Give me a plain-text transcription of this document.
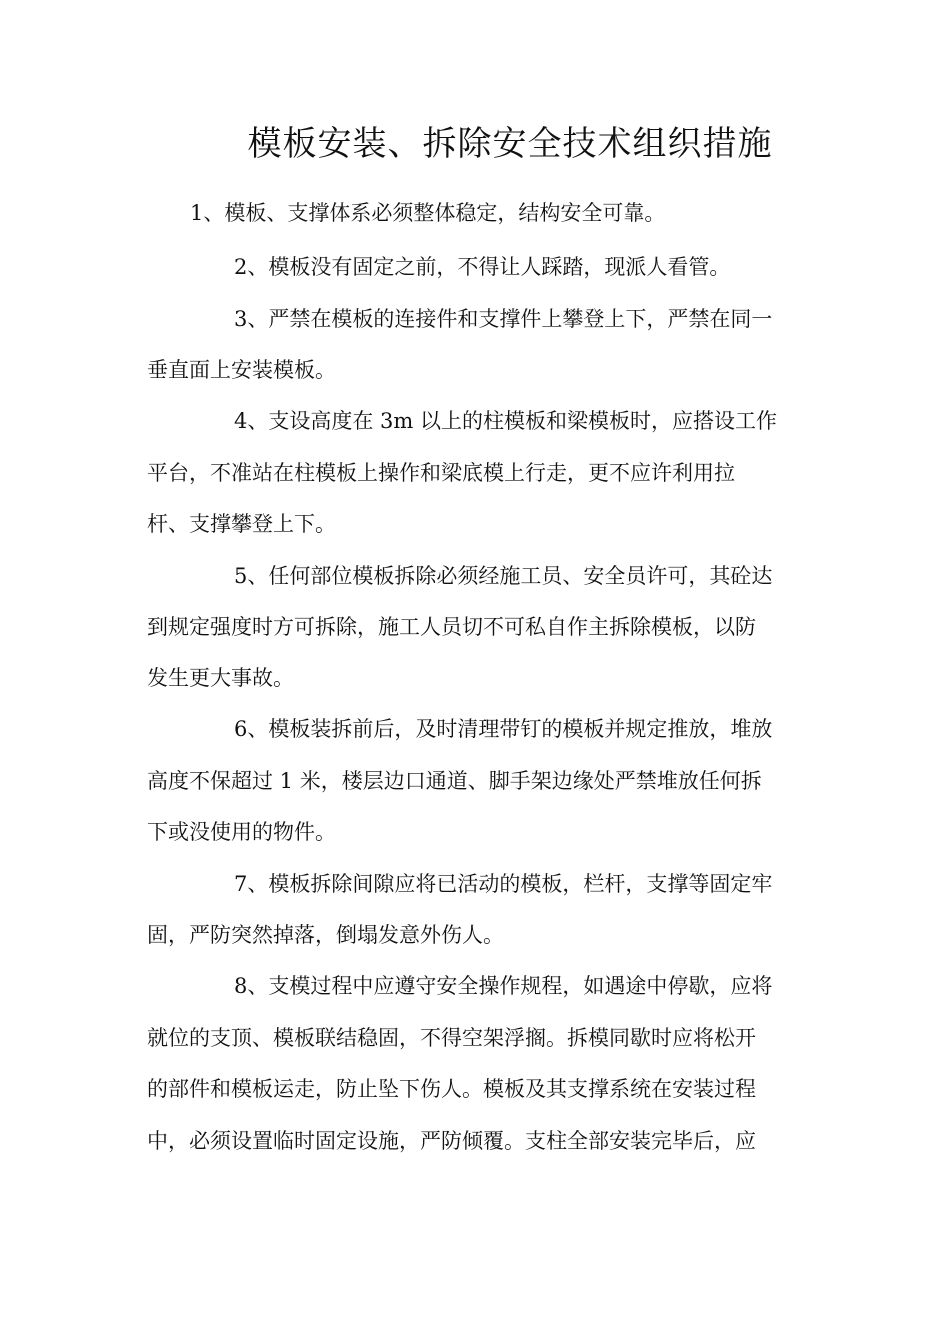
模板安装、拆除安全技术组织措施

1、模板、支撑体系必须整体稳定，结构安全可靠。

2、模板没有固定之前，不得让人踩踏，现派人看管。

3、严禁在模板的连接件和支撑件上攀登上下，严禁在同一

垂直面上安装模板。

4、支设高度在 3m 以上的柱模板和梁模板时，应搭设工作

平台，不准站在柱模板上操作和梁底模上行走，更不应许利用拉

杆、支撑攀登上下。

5、任何部位模板拆除必须经施工员、安全员许可，其砼达

到规定强度时方可拆除，施工人员切不可私自作主拆除模板，以防

发生更大事故。

6、模板装拆前后，及时清理带钉的模板并规定推放，堆放

高度不保超过 1 米，楼层边口通道、脚手架边缘处严禁堆放任何拆

下或没使用的物件。

7、模板拆除间隙应将已活动的模板，栏杆，支撑等固定牢

固，严防突然掉落，倒塌发意外伤人。

8、支模过程中应遵守安全操作规程，如遇途中停歇，应将

就位的支顶、模板联结稳固，不得空架浮搁。拆模同歇时应将松开

的部件和模板运走，防止坠下伤人。模板及其支撑系统在安装过程

中，必须设置临时固定设施，严防倾覆。支柱全部安装完毕后，应
